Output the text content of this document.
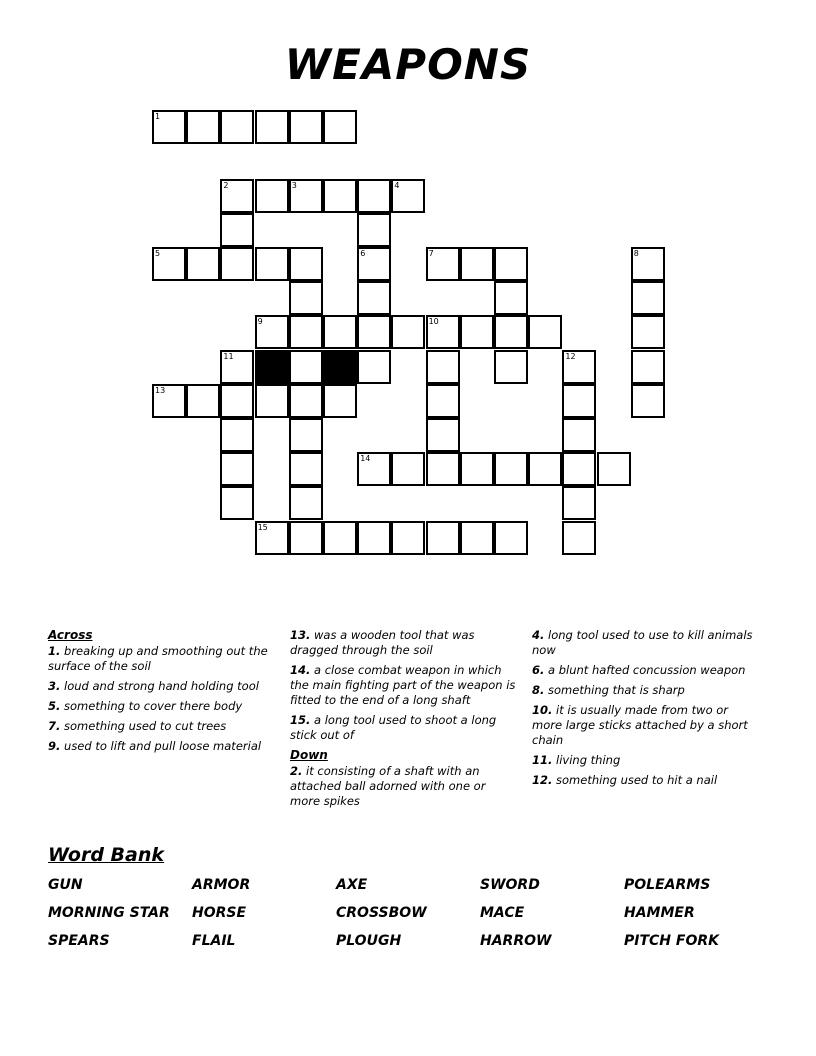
WEAPONS
1
2	3	4
5	6	7	8
9	10
11	12
13
14
15
Across
1. breaking up and smoothing out the surface of the soil
3. loud and strong hand holding tool
5. something to cover there body
7. something used to cut trees
9. used to lift and pull loose material
13. was a wooden tool that was dragged through the soil
14. a close combat weapon in which the main fighting part of the weapon is fitted to the end of a long shaft
15. a long tool used to shoot a long stick out of
Down
2. it consisting of a shaft with an attached ball adorned with one or more spikes
4. long tool used to use to kill animals now
6. a blunt hafted concussion weapon
8. something that is sharp
10. it is usually made from two or more large sticks attached by a short chain
11. living thing
12. something used to hit a nail
Word Bank
GUN	ARMOR	AXE	SWORD	POLEARMS
MORNING STAR	HORSE	CROSSBOW	MACE	HAMMER
SPEARS	FLAIL	PLOUGH	HARROW	PITCH FORK
